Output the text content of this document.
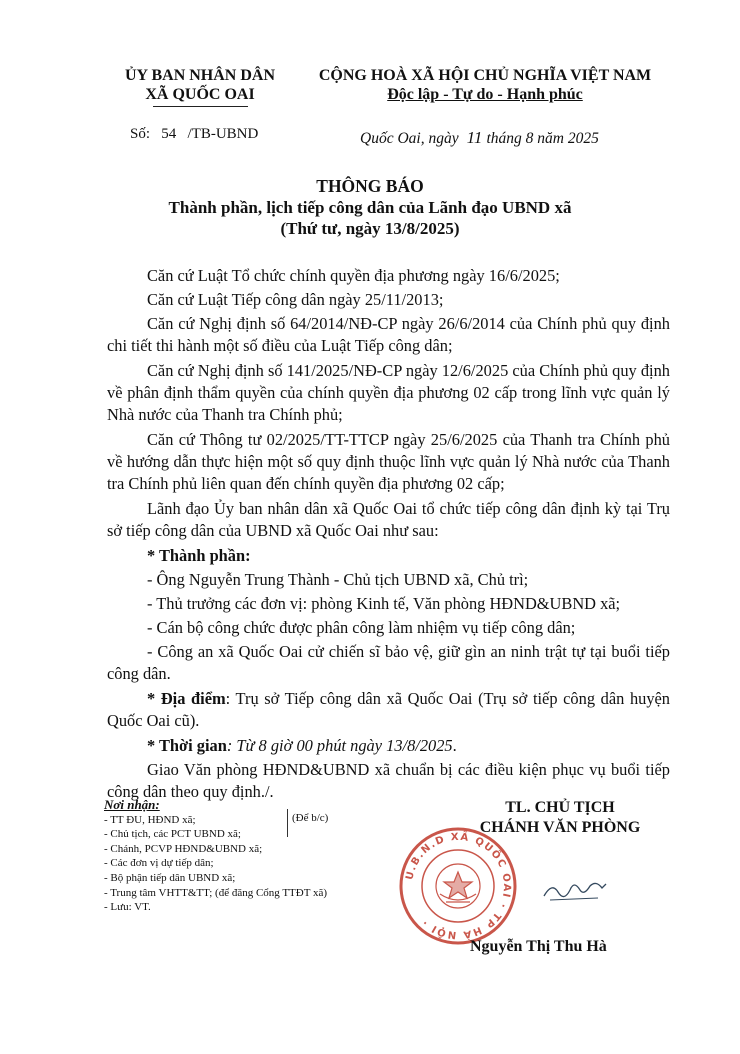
ỦY BAN NHÂN DÂN
XÃ QUỐC OAI
CỘNG HOÀ XÃ HỘI CHỦ NGHĨA VIỆT NAM
Độc lập - Tự do - Hạnh phúc
Số: 54 /TB-UBND	Quốc Oai, ngày 11 tháng 8 năm 2025
THÔNG BÁO
Thành phần, lịch tiếp công dân của Lãnh đạo UBND xã
(Thứ tư, ngày 13/8/2025)

Căn cứ Luật Tổ chức chính quyền địa phương ngày 16/6/2025;

Căn cứ Luật Tiếp công dân ngày 25/11/2013;

Căn cứ Nghị định số 64/2014/NĐ-CP ngày 26/6/2014 của Chính phủ quy định chi tiết thi hành một số điều của Luật Tiếp công dân;

Căn cứ Nghị định số 141/2025/NĐ-CP ngày 12/6/2025 của Chính phủ quy định về phân định thẩm quyền của chính quyền địa phương 02 cấp trong lĩnh vực quản lý Nhà nước của Thanh tra Chính phủ;

Căn cứ Thông tư 02/2025/TT-TTCP ngày 25/6/2025 của Thanh tra Chính phủ về hướng dẫn thực hiện một số quy định thuộc lĩnh vực quản lý Nhà nước của Thanh tra Chính phủ liên quan đến chính quyền địa phương 02 cấp;

Lãnh đạo Ủy ban nhân dân xã Quốc Oai tổ chức tiếp công dân định kỳ tại Trụ sở tiếp công dân của UBND xã Quốc Oai như sau:

* Thành phần:

- Ông Nguyễn Trung Thành - Chủ tịch UBND xã, Chủ trì;

- Thủ trưởng các đơn vị: phòng Kinh tế, Văn phòng HĐND&UBND xã;

- Cán bộ công chức được phân công làm nhiệm vụ tiếp công dân;

- Công an xã Quốc Oai cử chiến sĩ bảo vệ, giữ gìn an ninh trật tự tại buổi tiếp công dân.

* Địa điểm: Trụ sở Tiếp công dân xã Quốc Oai (Trụ sở tiếp công dân huyện Quốc Oai cũ).

* Thời gian: Từ 8 giờ 00 phút ngày 13/8/2025.

Giao Văn phòng HĐND&UBND xã chuẩn bị các điều kiện phục vụ buổi tiếp công dân theo quy định./.

Nơi nhận:
- TT ĐU, HĐND xã;
- Chủ tịch, các PCT UBND xã;
- Chánh, PCVP HĐND&UBND xã;
- Các đơn vị dự tiếp dân;
- Bộ phận tiếp dân UBND xã;
- Trung tâm VHTT&TT; (để đăng Cổng TTĐT xã)
- Lưu: VT.
(Để b/c)
TL. CHỦ TỊCH
CHÁNH VĂN PHÒNG
U.B.N.D XÃ QUỐC OAI · TP HÀ NỘI ·
Nguyễn Thị Thu Hà
